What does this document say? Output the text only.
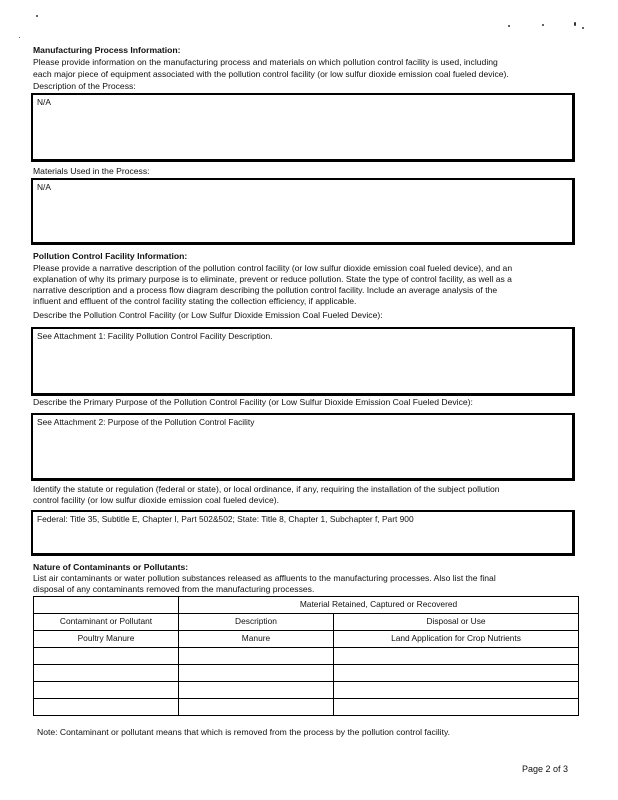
Manufacturing Process Information:
Please provide information on the manufacturing process and materials on which pollution control facility is used, including
each major piece of equipment associated with the pollution control facility (or low sulfur dioxide emission coal fueled device).
Description of the Process:
N/A
Materials Used in the Process:
N/A
Pollution Control Facility Information:
Please provide a narrative description of the pollution control facility (or low sulfur dioxide emission coal fueled device), and an
explanation of why its primary purpose is to eliminate, prevent or reduce pollution. State the type of control facility, as well as a
narrative description and a process flow diagram describing the pollution control facility. Include an average analysis of the
influent and effluent of the control facility stating the collection efficiency, if applicable.
Describe the Pollution Control Facility (or Low Sulfur Dioxide Emission Coal Fueled Device):
See Attachment 1: Facility Pollution Control Facility Description.
Describe the Primary Purpose of the Pollution Control Facility (or Low Sulfur Dioxide Emission Coal Fueled Device):
See Attachment 2: Purpose of the Pollution Control Facility
Identify the statute or regulation (federal or state), or local ordinance, if any, requiring the installation of the subject pollution
control facility (or low sulfur dioxide emission coal fueled device).
Federal: Title 35, Subtitle E, Chapter I, Part 502&502; State: Title 8, Chapter 1, Subchapter f, Part 900
Nature of Contaminants or Pollutants:
List air contaminants or water pollution substances released as affluents to the manufacturing processes. Also list the final
disposal of any contaminants removed from the manufacturing processes.
	Material Retained, Captured or Recovered	
Contaminant or Pollutant	Description	Disposal or Use
Poultry Manure	Manure	Land Application for Crop Nutrients

Note: Contaminant or pollutant means that which is removed from the process by the pollution control facility.
Page 2 of 3
